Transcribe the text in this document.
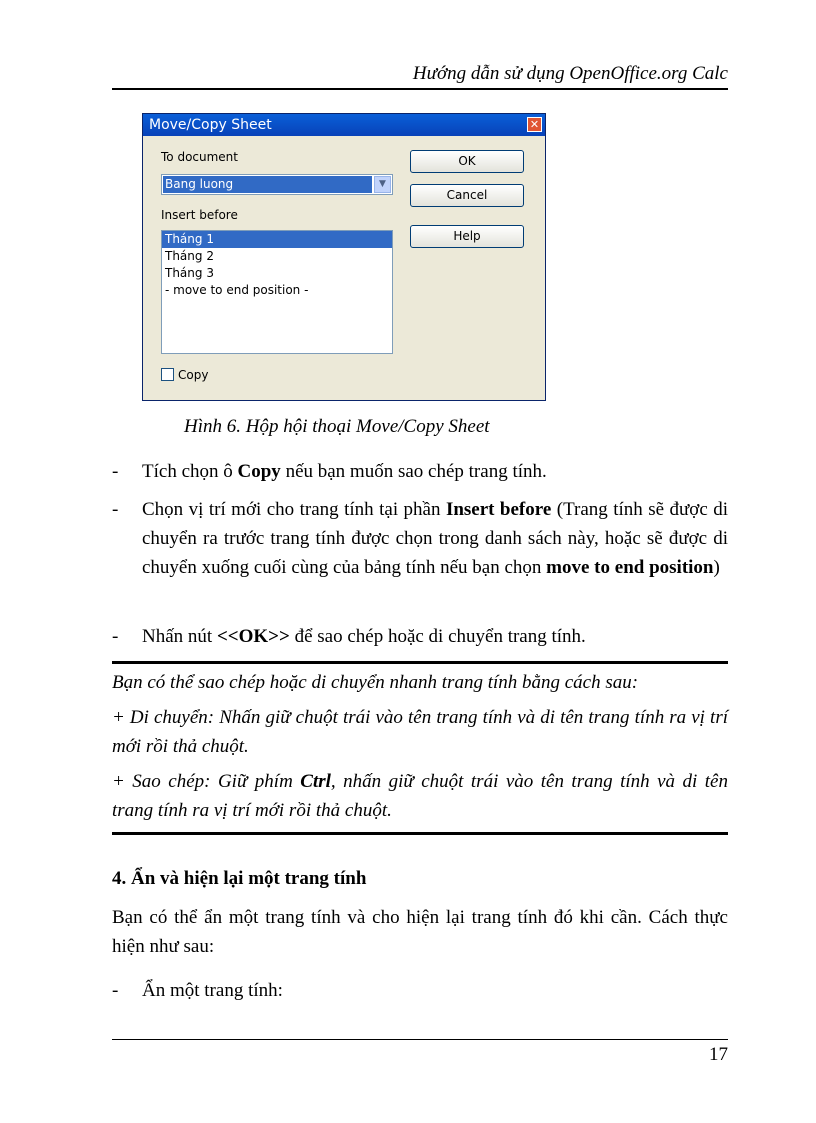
Hướng dẫn sử dụng OpenOffice.org Calc
Move/Copy Sheet	✕
To document
Bang luong	▼
Insert before
Tháng 1
Tháng 2
Tháng 3
- move to end position -
OK
Cancel
Help
Copy
Hình 6. Hộp hội thoại Move/Copy Sheet
- Tích chọn ô Copy nếu bạn muốn sao chép trang tính.
- Chọn vị trí mới cho trang tính tại phần Insert before (Trang tính sẽ được di chuyển ra trước trang tính được chọn trong danh sách này, hoặc sẽ được di chuyển xuống cuối cùng của bảng tính nếu bạn chọn move to end position)
- Nhấn nút <<OK>> để sao chép hoặc di chuyển trang tính.

Bạn có thể sao chép hoặc di chuyển nhanh trang tính bằng cách sau:

+ Di chuyển: Nhấn giữ chuột trái vào tên trang tính và di tên trang tính ra vị trí mới rồi thả chuột.

+ Sao chép: Giữ phím Ctrl, nhấn giữ chuột trái vào tên trang tính và di tên trang tính ra vị trí mới rồi thả chuột.

4. Ẩn và hiện lại một trang tính

Bạn có thể ẩn một trang tính và cho hiện lại trang tính đó khi cần. Cách thực hiện như sau:

- Ẩn một trang tính:
17
